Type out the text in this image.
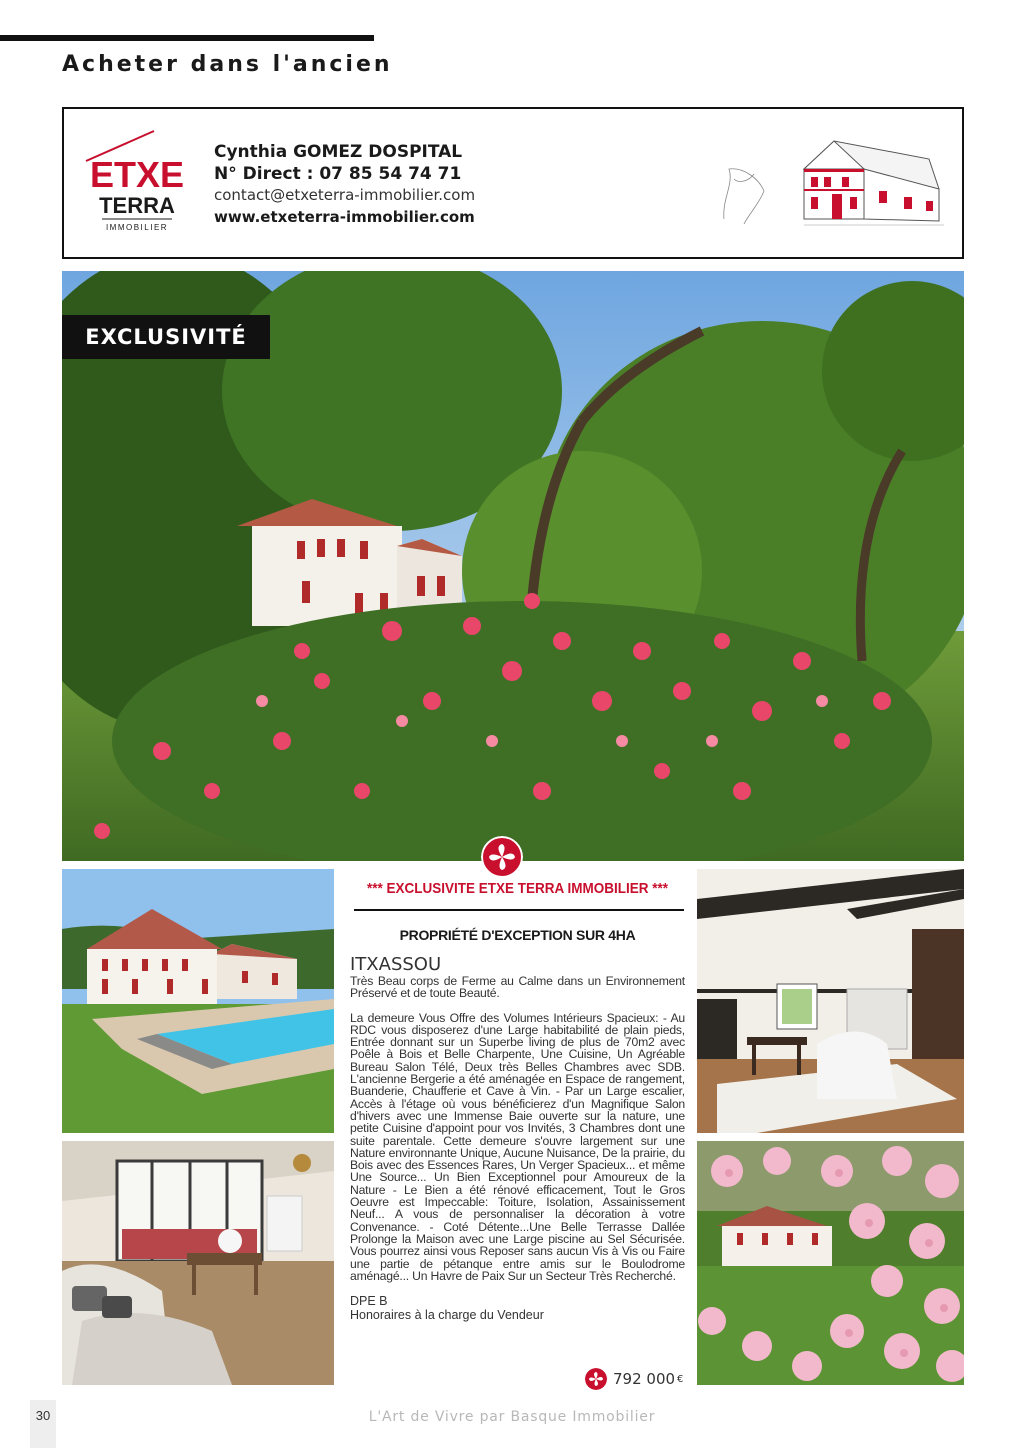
Acheter dans l'ancien
ETXE
TERRA
IMMOBILIER
Cynthia GOMEZ DOSPITAL
N° Direct : 07 85 54 74 71
contact@etxeterra-immobilier.com
www.etxeterra-immobilier.com
EXCLUSIVITÉ
*** EXCLUSIVITE ETXE TERRA IMMOBILIER ***
PROPRIÉTÉ D'EXCEPTION SUR 4HA
ITXASSOU

Très Beau corps de Ferme au Calme dans un Environnement Préservé et de toute Beauté.

La demeure Vous Offre des Volumes Intérieurs Spacieux: - Au RDC vous disposerez d'une Large habitabilité de plain pieds, Entrée donnant sur un Superbe living de plus de 70m2 avec Poêle à Bois et Belle Charpente, Une Cuisine, Un Agréable Bureau Salon Télé, Deux très Belles Chambres avec SDB. L'ancienne Bergerie a été aménagée en Espace de rangement, Buanderie, Chaufferie et Cave à Vin. - Par un Large escalier, Accès à l'étage où vous bénéficierez d'un Magnifique Salon d'hivers avec une Immense Baie ouverte sur la nature, une petite Cuisine d'appoint pour vos Invités, 3 Chambres dont une suite parentale. Cette demeure s'ouvre largement sur une Nature environnante Unique, Aucune Nuisance, De la prairie, du Bois avec des Essences Rares, Un Verger Spacieux... et même Une Source... Un Bien Exceptionnel pour Amoureux de la Nature - Le Bien a été rénové efficacement, Tout le Gros Oeuvre est Impeccable: Toiture, Isolation, Assainissement Neuf... A vous de personnaliser la décoration à votre Convenance. - Coté Détente...Une Belle Terrasse Dallée Prolonge la Maison avec une Large piscine au Sel Sécurisée. Vous pourrez ainsi vous Reposer sans aucun Vis à Vis ou Faire une partie de pétanque entre amis sur le Boulodrome aménagé... Un Havre de Paix Sur un Secteur Très Recherché.

DPE B
Honoraires à la charge du Vendeur
792 000 €
30	L'Art de Vivre par Basque Immobilier
